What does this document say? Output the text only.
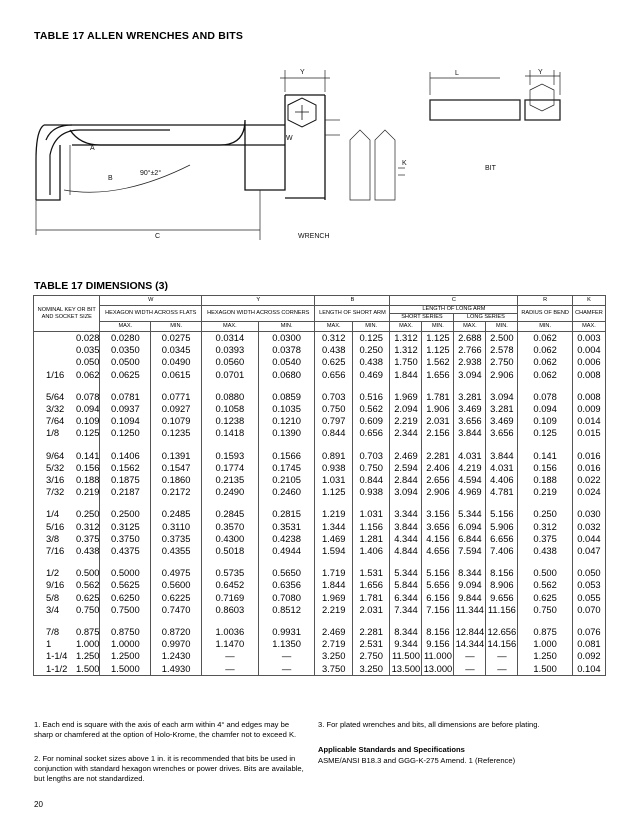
TABLE 17 ALLEN WRENCHES AND BITS
Y
W
A
B
90°±2°
C	WRENCH
K
L	Y
BIT
TABLE 17 DIMENSIONS (3)
NOMINAL KEY OR BIT AND SOCKET SIZE	W		Y		B		C				R	K
	HEXAGON WIDTH ACROSS FLATS		HEXAGON WIDTH ACROSS CORNERS		LENGTH OF SHORT ARM		LENGTH OF LONG ARM
SHORT SERIES LONG SERIES				RADIUS OF BEND	CHAMFER
	MAX.	MIN.	MAX.	MIN.	MAX.	MIN.	MAX.	MIN.	MAX.	MIN.	MIN.	MAX.
0.028	0.0280	0.0275	0.0314	0.0300	0.312	0.125	1.312	1.125	2.688	2.500	0.062	0.003
0.035	0.0350	0.0345	0.0393	0.0378	0.438	0.250	1.312	1.125	2.766	2.578	0.062	0.004
0.050	0.0500	0.0490	0.0560	0.0540	0.625	0.438	1.750	1.562	2.938	2.750	0.062	0.006
1/16 0.062	0.0625	0.0615	0.0701	0.0680	0.656	0.469	1.844	1.656	3.094	2.906	0.062	0.008

5/64 0.078	0.0781	0.0771	0.0880	0.0859	0.703	0.516	1.969	1.781	3.281	3.094	0.078	0.008
3/32 0.094	0.0937	0.0927	0.1058	0.1035	0.750	0.562	2.094	1.906	3.469	3.281	0.094	0.009
7/64 0.109	0.1094	0.1079	0.1238	0.1210	0.797	0.609	2.219	2.031	3.656	3.469	0.109	0.014
1/8 0.125	0.1250	0.1235	0.1418	0.1390	0.844	0.656	2.344	2.156	3.844	3.656	0.125	0.015

9/64 0.141	0.1406	0.1391	0.1593	0.1566	0.891	0.703	2.469	2.281	4.031	3.844	0.141	0.016
5/32 0.156	0.1562	0.1547	0.1774	0.1745	0.938	0.750	2.594	2.406	4.219	4.031	0.156	0.016
3/16 0.188	0.1875	0.1860	0.2135	0.2105	1.031	0.844	2.844	2.656	4.594	4.406	0.188	0.022
7/32 0.219	0.2187	0.2172	0.2490	0.2460	1.125	0.938	3.094	2.906	4.969	4.781	0.219	0.024

1/4 0.250	0.2500	0.2485	0.2845	0.2815	1.219	1.031	3.344	3.156	5.344	5.156	0.250	0.030
5/16 0.312	0.3125	0.3110	0.3570	0.3531	1.344	1.156	3.844	3.656	6.094	5.906	0.312	0.032
3/8 0.375	0.3750	0.3735	0.4300	0.4238	1.469	1.281	4.344	4.156	6.844	6.656	0.375	0.044
7/16 0.438	0.4375	0.4355	0.5018	0.4944	1.594	1.406	4.844	4.656	7.594	7.406	0.438	0.047

1/2 0.500	0.5000	0.4975	0.5735	0.5650	1.719	1.531	5.344	5.156	8.344	8.156	0.500	0.050
9/16 0.562	0.5625	0.5600	0.6452	0.6356	1.844	1.656	5.844	5.656	9.094	8.906	0.562	0.053
5/8 0.625	0.6250	0.6225	0.7169	0.7080	1.969	1.781	6.344	6.156	9.844	9.656	0.625	0.055
3/4 0.750	0.7500	0.7470	0.8603	0.8512	2.219	2.031	7.344	7.156	11.344	11.156	0.750	0.070

7/8 0.875	0.8750	0.8720	1.0036	0.9931	2.469	2.281	8.344	8.156	12.844	12.656	0.875	0.076
1 1.000	1.0000	0.9970	1.1470	1.1350	2.719	2.531	9.344	9.156	14.344	14.156	1.000	0.081
1-1/4 1.250	1.2500	1.2430	—	—	3.250	2.750	11.500	11.000	—	—	1.250	0.092
1-1/2 1.500	1.5000	1.4930	—	—	3.750	3.250	13.500	13.000	—	—	1.500	0.104
1. Each end is square with the axis of each arm within 4° and edges may be sharp or chamfered at the option of Holo-Krome, the chamfer not to exceed K.
2. For nominal socket sizes above 1 in. it is recommended that bits be used in conjunction with standard hexagon wrenches or power drives. Bits are available, but lengths are not standardized.
3. For plated wrenches and bits, all dimensions are before plating.
Applicable Standards and Specifications
ASME/ANSI B18.3 and GGG-K-275 Amend. 1 (Reference)
20
